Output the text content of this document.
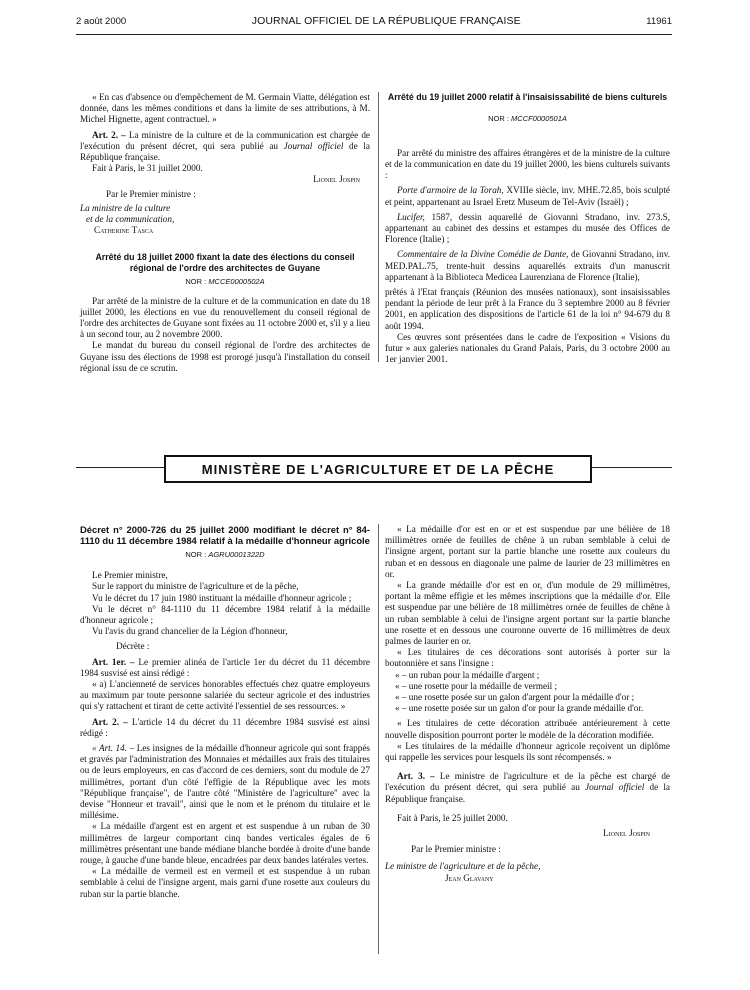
2 août 2000	JOURNAL OFFICIEL DE LA RÉPUBLIQUE FRANÇAISE	11961

« En cas d'absence ou d'empêchement de M. Germain Viatte, délégation est donnée, dans les mêmes conditions et dans la limite de ses attributions, à M. Michel Hignette, agent contractuel. »

Art. 2. – La ministre de la culture et de la communication est chargée de l'exécution du présent décret, qui sera publié au Journal officiel de la République française.

Fait à Paris, le 31 juillet 2000.

Lionel Jospin

Par le Premier ministre :

La ministre de la culture

et de la communication,

Catherine Tasca

Arrêté du 18 juillet 2000 fixant la date des élections du conseil régional de l'ordre des architectes de Guyane

NOR : MCCE0000502A

Par arrêté de la ministre de la culture et de la communication en date du 18 juillet 2000, les élections en vue du renouvellement du conseil régional de l'ordre des architectes de Guyane sont fixées au 11 octobre 2000 et, s'il y a lieu à un second tour, au 2 novembre 2000.

Le mandat du bureau du conseil régional de l'ordre des architectes de Guyane issu des élections de 1998 est prorogé jusqu'à l'installation du conseil régional issu de ce scrutin.

Arrêté du 19 juillet 2000 relatif à l'insaisissabilité de biens culturels

NOR : MCCF0000501A

Par arrêté du ministre des affaires étrangères et de la ministre de la culture et de la communication en date du 19 juillet 2000, les biens culturels suivants :

Porte d'armoire de la Torah, XVIIIe siècle, inv. MHE.72.85, bois sculpté et peint, appartenant au Israel Eretz Museum de Tel-Aviv (Israël) ;

Lucifer, 1587, dessin aquarellé de Giovanni Stradano, inv. 273.S, appartenant au cabinet des dessins et estampes du musée des Offices de Florence (Italie) ;

Commentaire de la Divine Comédie de Dante, de Giovanni Stradano, inv. MED.PAL.75, trente-huit dessins aquarellés extraits d'un manuscrit appartenant à la Biblioteca Medicea Laurenziana de Florence (Italie),

prêtés à l'Etat français (Réunion des musées nationaux), sont insaisissables pendant la période de leur prêt à la France du 3 septembre 2000 au 8 février 2001, en application des dispositions de l'article 61 de la loi n° 94-679 du 8 août 1994.

Ces œuvres sont présentées dans le cadre de l'exposition « Visions du futur » aux galeries nationales du Grand Palais, Paris, du 3 octobre 2000 au 1er janvier 2001.

MINISTÈRE DE L'AGRICULTURE ET DE LA PÊCHE

Décret n° 2000-726 du 25 juillet 2000 modifiant le décret n° 84-1110 du 11 décembre 1984 relatif à la médaille d'honneur agricole

NOR : AGRU0001322D

Le Premier ministre,

Sur le rapport du ministre de l'agriculture et de la pêche,

Vu le décret du 17 juin 1980 instituant la médaille d'honneur agricole ;

Vu le décret n° 84-1110 du 11 décembre 1984 relatif à la médaille d'honneur agricole ;

Vu l'avis du grand chancelier de la Légion d'honneur,

Décrète :

Art. 1er. – Le premier alinéa de l'article 1er du décret du 11 décembre 1984 susvisé est ainsi rédigé :

« a) L'ancienneté de services honorables effectués chez quatre employeurs au maximum par toute personne salariée du secteur agricole et des industries qui s'y rattachent et tirant de cette activité l'essentiel de ses ressources. »

Art. 2. – L'article 14 du décret du 11 décembre 1984 susvisé est ainsi rédigé :

« Art. 14. – Les insignes de la médaille d'honneur agricole qui sont frappés et gravés par l'administration des Monnaies et médailles aux frais des titulaires ou de leurs employeurs, en cas d'accord de ces derniers, sont du module de 27 millimètres, portant d'un côté l'effigie de la République avec les mots "République française", de l'autre côté "Ministère de l'agriculture" avec la devise "Honneur et travail", ainsi que le nom et le prénom du titulaire et le millésime.

« La médaille d'argent est en argent et est suspendue à un ruban de 30 millimètres de largeur comportant cinq bandes verticales égales de 6 millimètres présentant une bande médiane blanche bordée à droite d'une bande rouge, à gauche d'une bande bleue, encadrées par deux bandes latérales vertes.

« La médaille de vermeil est en vermeil et est suspendue à un ruban semblable à celui de l'insigne argent, mais garni d'une rosette aux couleurs du ruban sur la partie blanche.

« La médaille d'or est en or et est suspendue par une bélière de 18 millimètres ornée de feuilles de chêne à un ruban semblable à celui de l'insigne argent, portant sur la partie blanche une rosette aux couleurs du ruban et en dessous en diagonale une palme de laurier de 23 millimètres en or.

« La grande médaille d'or est en or, d'un module de 29 millimètres, portant la même effigie et les mêmes inscriptions que la médaille d'or. Elle est suspendue par une bélière de 18 millimètres ornée de feuilles de chêne à un ruban semblable à celui de l'insigne argent portant sur la partie blanche une rosette et en dessous une couronne ouverte de 16 millimètres de deux palmes de laurier en or.

« Les titulaires de ces décorations sont autorisés à porter sur la boutonnière et sans l'insigne :

« – un ruban pour la médaille d'argent ;
« – une rosette pour la médaille de vermeil ;
« – une rosette posée sur un galon d'argent pour la médaille d'or ;
« – une rosette posée sur un galon d'or pour la grande médaille d'or.

« Les titulaires de cette décoration attribuée antérieurement à cette nouvelle disposition pourront porter le modèle de la décoration modifiée.

« Les titulaires de la médaille d'honneur agricole reçoivent un diplôme qui rappelle les services pour lesquels ils sont récompensés. »

Art. 3. – Le ministre de l'agriculture et de la pêche est chargé de l'exécution du présent décret, qui sera publié au Journal officiel de la République française.

Fait à Paris, le 25 juillet 2000.

Lionel Jospin

Par le Premier ministre :

Le ministre de l'agriculture et de la pêche,

Jean Glavany
